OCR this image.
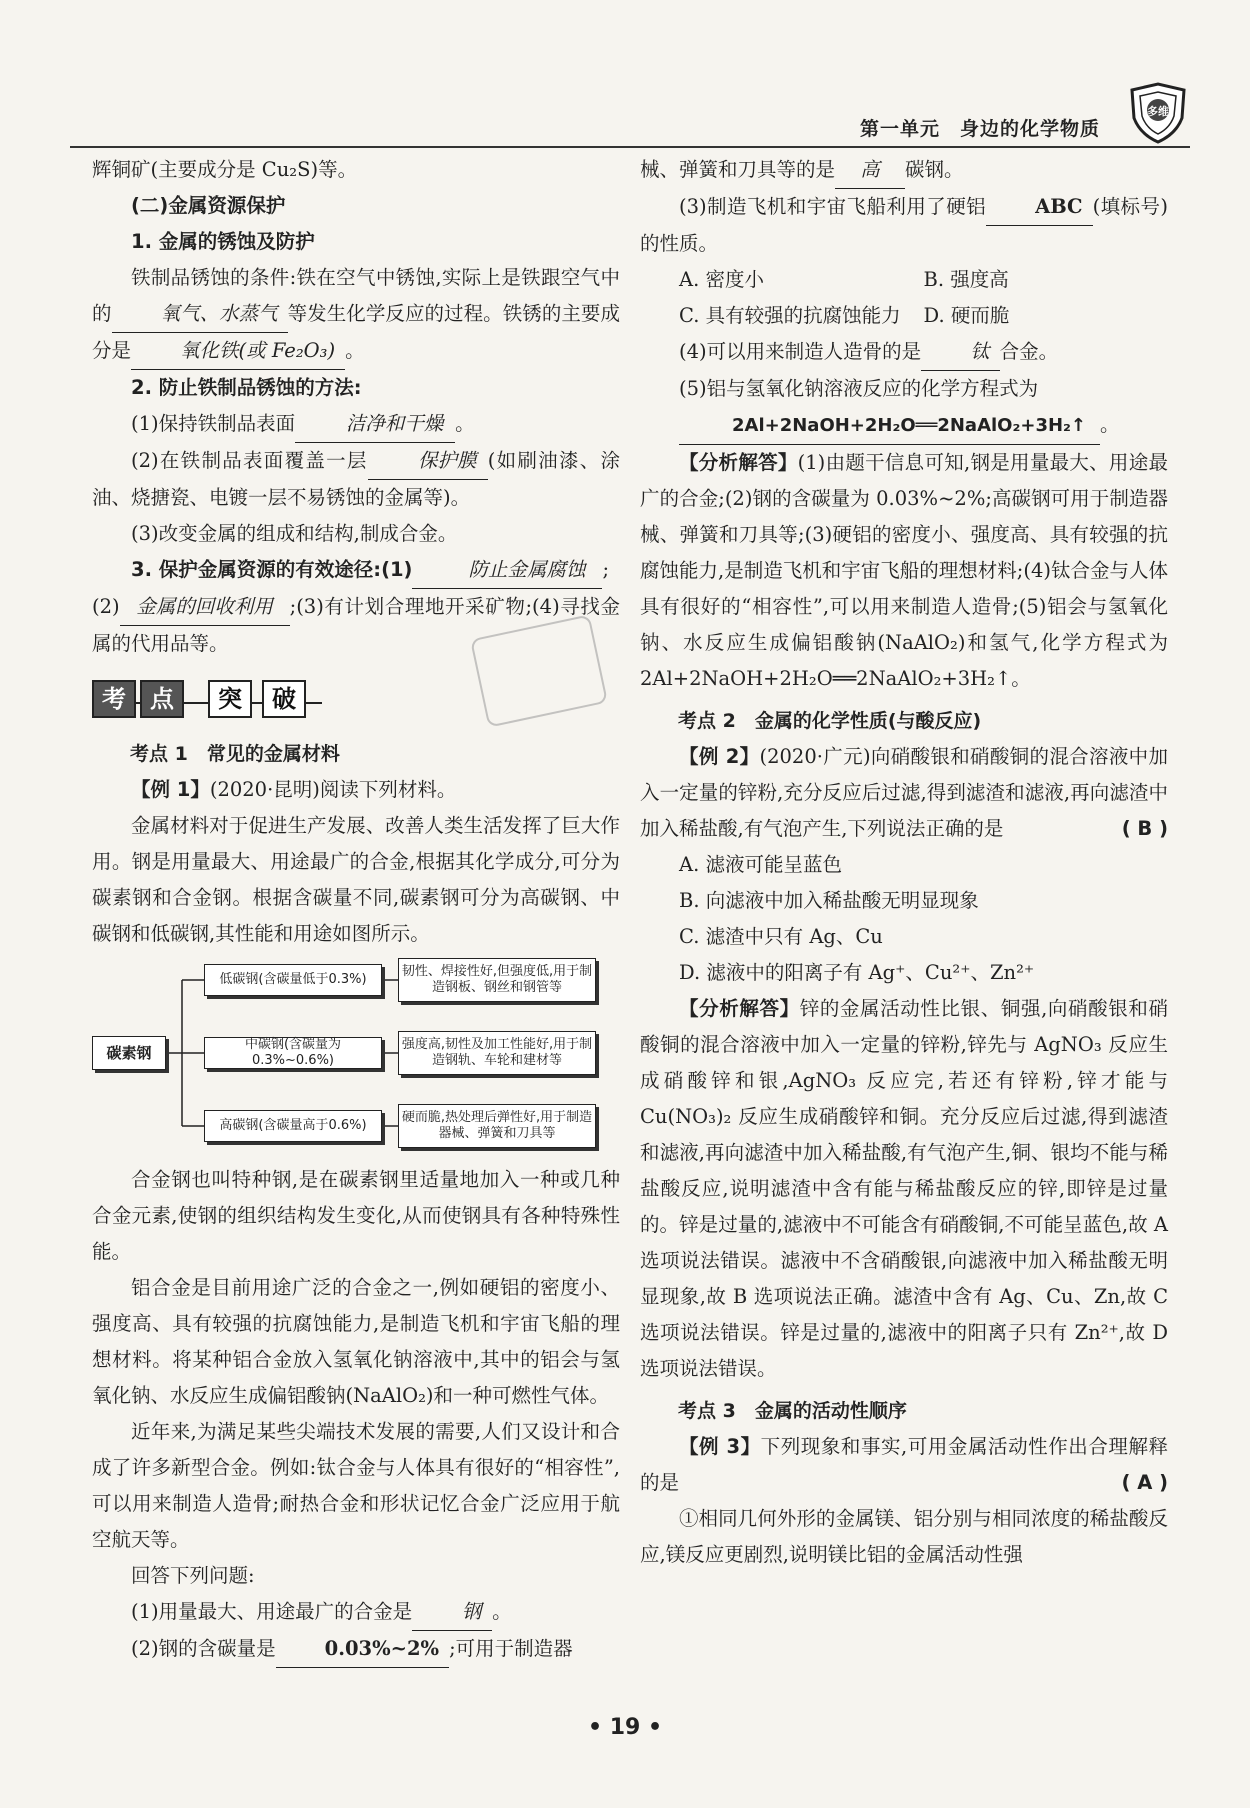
第一单元　身边的化学物质
多维

辉铜矿(主要成分是 Cu₂S)等。

(二)金属资源保护

1. 金属的锈蚀及防护

铁制品锈蚀的条件:铁在空气中锈蚀,实际上是铁跟空气中的	氧气、水蒸气 等发生化学反应的过程。铁锈的主要成分是	氧化铁(或 Fe₂O₃) 。

2. 防止铁制品锈蚀的方法:

(1)保持铁制品表面	洁净和干燥 。

(2)在铁制品表面覆盖一层	保护膜 (如刷油漆、涂油、烧搪瓷、电镀一层不易锈蚀的金属等)。

(3)改变金属的组成和结构,制成合金。

3. 保护金属资源的有效途径:(1)	防止金属腐蚀 ;

(2) 金属的回收利用 ;(3)有计划合理地开采矿物;(4)寻找金属的代用品等。

考	点	突	破

考点 1　常见的金属材料

【例 1】(2020·昆明)阅读下列材料。

金属材料对于促进生产发展、改善人类生活发挥了巨大作用。钢是用量最大、用途最广的合金,根据其化学成分,可分为碳素钢和合金钢。根据含碳量不同,碳素钢可分为高碳钢、中碳钢和低碳钢,其性能和用途如图所示。

碳素钢
低碳钢(含碳量低于0.3%)
中碳钢(含碳量为0.3%~0.6%)
高碳钢(含碳量高于0.6%)
韧性、焊接性好,但强度低,用于制造钢板、钢丝和钢管等
强度高,韧性及加工性能好,用于制造钢轨、车轮和建材等
硬而脆,热处理后弹性好,用于制造器械、弹簧和刀具等

合金钢也叫特种钢,是在碳素钢里适量地加入一种或几种合金元素,使钢的组织结构发生变化,从而使钢具有各种特殊性能。

铝合金是目前用途广泛的合金之一,例如硬铝的密度小、强度高、具有较强的抗腐蚀能力,是制造飞机和宇宙飞船的理想材料。将某种铝合金放入氢氧化钠溶液中,其中的铝会与氢氧化钠、水反应生成偏铝酸钠(NaAlO₂)和一种可燃性气体。

近年来,为满足某些尖端技术发展的需要,人们又设计和合成了许多新型合金。例如:钛合金与人体具有很好的“相容性”,可以用来制造人造骨;耐热合金和形状记忆合金广泛应用于航空航天等。

回答下列问题:

(1)用量最大、用途最广的合金是	钢 。

(2)钢的含碳量是	0.03%~2% ;可用于制造器

械、弹簧和刀具等的是 高 碳钢。

(3)制造飞机和宇宙飞船利用了硬铝	ABC (填标号)的性质。

A. 密度小	B. 强度高
C. 具有较强的抗腐蚀能力	D. 硬而脆

(4)可以用来制造人造骨的是	钛 合金。

(5)铝与氢氧化钠溶液反应的化学方程式为

2Al+2NaOH+2H₂O══2NaAlO₂+3H₂↑ 。

【分析解答】(1)由题干信息可知,钢是用量最大、用途最广的合金;(2)钢的含碳量为 0.03%~2%;高碳钢可用于制造器械、弹簧和刀具等;(3)硬铝的密度小、强度高、具有较强的抗腐蚀能力,是制造飞机和宇宙飞船的理想材料;(4)钛合金与人体具有很好的“相容性”,可以用来制造人造骨;(5)铝会与氢氧化钠、水反应生成偏铝酸钠(NaAlO₂)和氢气,化学方程式为 2Al+2NaOH+2H₂O══2NaAlO₂+3H₂↑。

考点 2　金属的化学性质(与酸反应)

【例 2】(2020·广元)向硝酸银和硝酸铜的混合溶液中加入一定量的锌粉,充分反应后过滤,得到滤渣和滤液,再向滤渣中加入稀盐酸,有气泡产生,下列说法正确的是	( B )

A. 滤液可能呈蓝色
B. 向滤液中加入稀盐酸无明显现象
C. 滤渣中只有 Ag、Cu
D. 滤液中的阳离子有 Ag⁺、Cu²⁺、Zn²⁺

【分析解答】锌的金属活动性比银、铜强,向硝酸银和硝酸铜的混合溶液中加入一定量的锌粉,锌先与 AgNO₃ 反应生成硝酸锌和银,AgNO₃ 反应完,若还有锌粉,锌才能与 Cu(NO₃)₂ 反应生成硝酸锌和铜。充分反应后过滤,得到滤渣和滤液,再向滤渣中加入稀盐酸,有气泡产生,铜、银均不能与稀盐酸反应,说明滤渣中含有能与稀盐酸反应的锌,即锌是过量的。锌是过量的,滤液中不可能含有硝酸铜,不可能呈蓝色,故 A 选项说法错误。滤液中不含硝酸银,向滤液中加入稀盐酸无明显现象,故 B 选项说法正确。滤渣中含有 Ag、Cu、Zn,故 C 选项说法错误。锌是过量的,滤液中的阳离子只有 Zn²⁺,故 D 选项说法错误。

考点 3　金属的活动性顺序

【例 3】下列现象和事实,可用金属活动性作出合理解释的是	( A )

①相同几何外形的金属镁、铝分别与相同浓度的稀盐酸反应,镁反应更剧烈,说明镁比铝的金属活动性强

• 19 •
